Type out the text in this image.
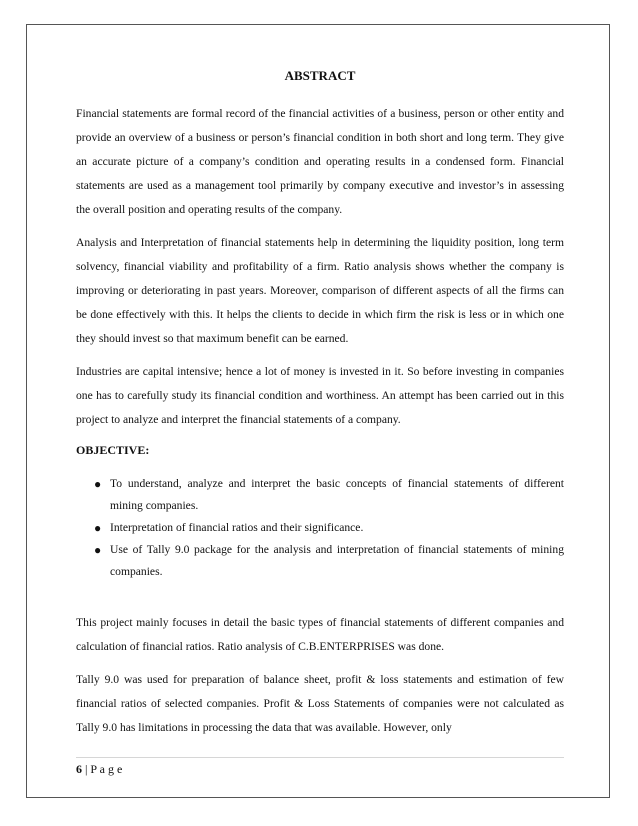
ABSTRACT

Financial statements are formal record of the financial activities of a business, person or other entity and provide an overview of a business or person’s financial condition in both short and long term. They give an accurate picture of a company’s condition and operating results in a condensed form. Financial statements are used as a management tool primarily by company executive and investor’s in assessing the overall position and operating results of the company.

Analysis and Interpretation of financial statements help in determining the liquidity position, long term solvency, financial viability and profitability of a firm. Ratio analysis shows whether the company is improving or deteriorating in past years. Moreover, comparison of different aspects of all the firms can be done effectively with this. It helps the clients to decide in which firm the risk is less or in which one they should invest so that maximum benefit can be earned.

Industries are capital intensive; hence a lot of money is invested in it. So before investing in companies one has to carefully study its financial condition and worthiness. An attempt has been carried out in this project to analyze and interpret the financial statements of a company.

OBJECTIVE:
● To understand, analyze and interpret the basic concepts of financial statements of different mining companies.
● Interpretation of financial ratios and their significance.
● Use of Tally 9.0 package for the analysis and interpretation of financial statements of mining companies.

This project mainly focuses in detail the basic types of financial statements of different companies and calculation of financial ratios. Ratio analysis of C.B.ENTERPRISES was done.

Tally 9.0 was used for preparation of balance sheet, profit & loss statements and estimation of few financial ratios of selected companies. Profit & Loss Statements of companies were not calculated as Tally 9.0 has limitations in processing the data that was available. However, only

6 | P a g e
